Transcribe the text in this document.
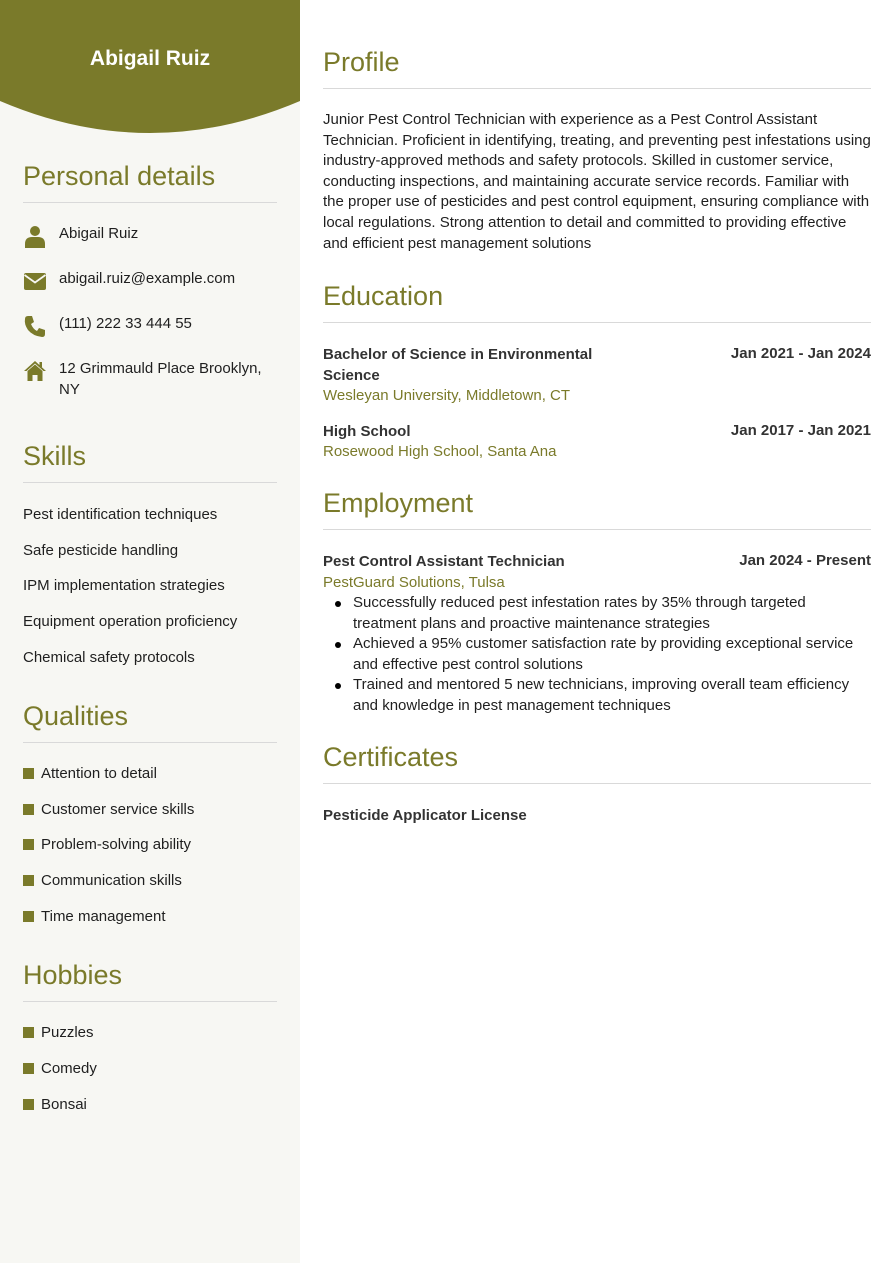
Abigail Ruiz
Personal details
Abigail Ruiz
abigail.ruiz@example.com
(111) 222 33 444 55
12 Grimmauld Place Brooklyn, NY
Skills
Pest identification techniques
Safe pesticide handling
IPM implementation strategies
Equipment operation proficiency
Chemical safety protocols
Qualities
Attention to detail
Customer service skills
Problem-solving ability
Communication skills
Time management
Hobbies
Puzzles
Comedy
Bonsai
Profile
Junior Pest Control Technician with experience as a Pest Control Assistant Technician. Proficient in identifying, treating, and preventing pest infestations using industry-approved methods and safety protocols. Skilled in customer service, conducting inspections, and maintaining accurate service records. Familiar with the proper use of pesticides and pest control equipment, ensuring compliance with local regulations. Strong attention to detail and committed to providing effective and efficient pest management solutions
Education
Jan 2021 - Jan 2024
Bachelor of Science in Environmental Science
Wesleyan University, Middletown, CT
Jan 2017 - Jan 2021
High School
Rosewood High School, Santa Ana
Employment
Jan 2024 - Present
Pest Control Assistant Technician
PestGuard Solutions, Tulsa
Successfully reduced pest infestation rates by 35% through targeted treatment plans and proactive maintenance strategies
Achieved a 95% customer satisfaction rate by providing exceptional service and effective pest control solutions
Trained and mentored 5 new technicians, improving overall team efficiency and knowledge in pest management techniques
Certificates
Pesticide Applicator License
